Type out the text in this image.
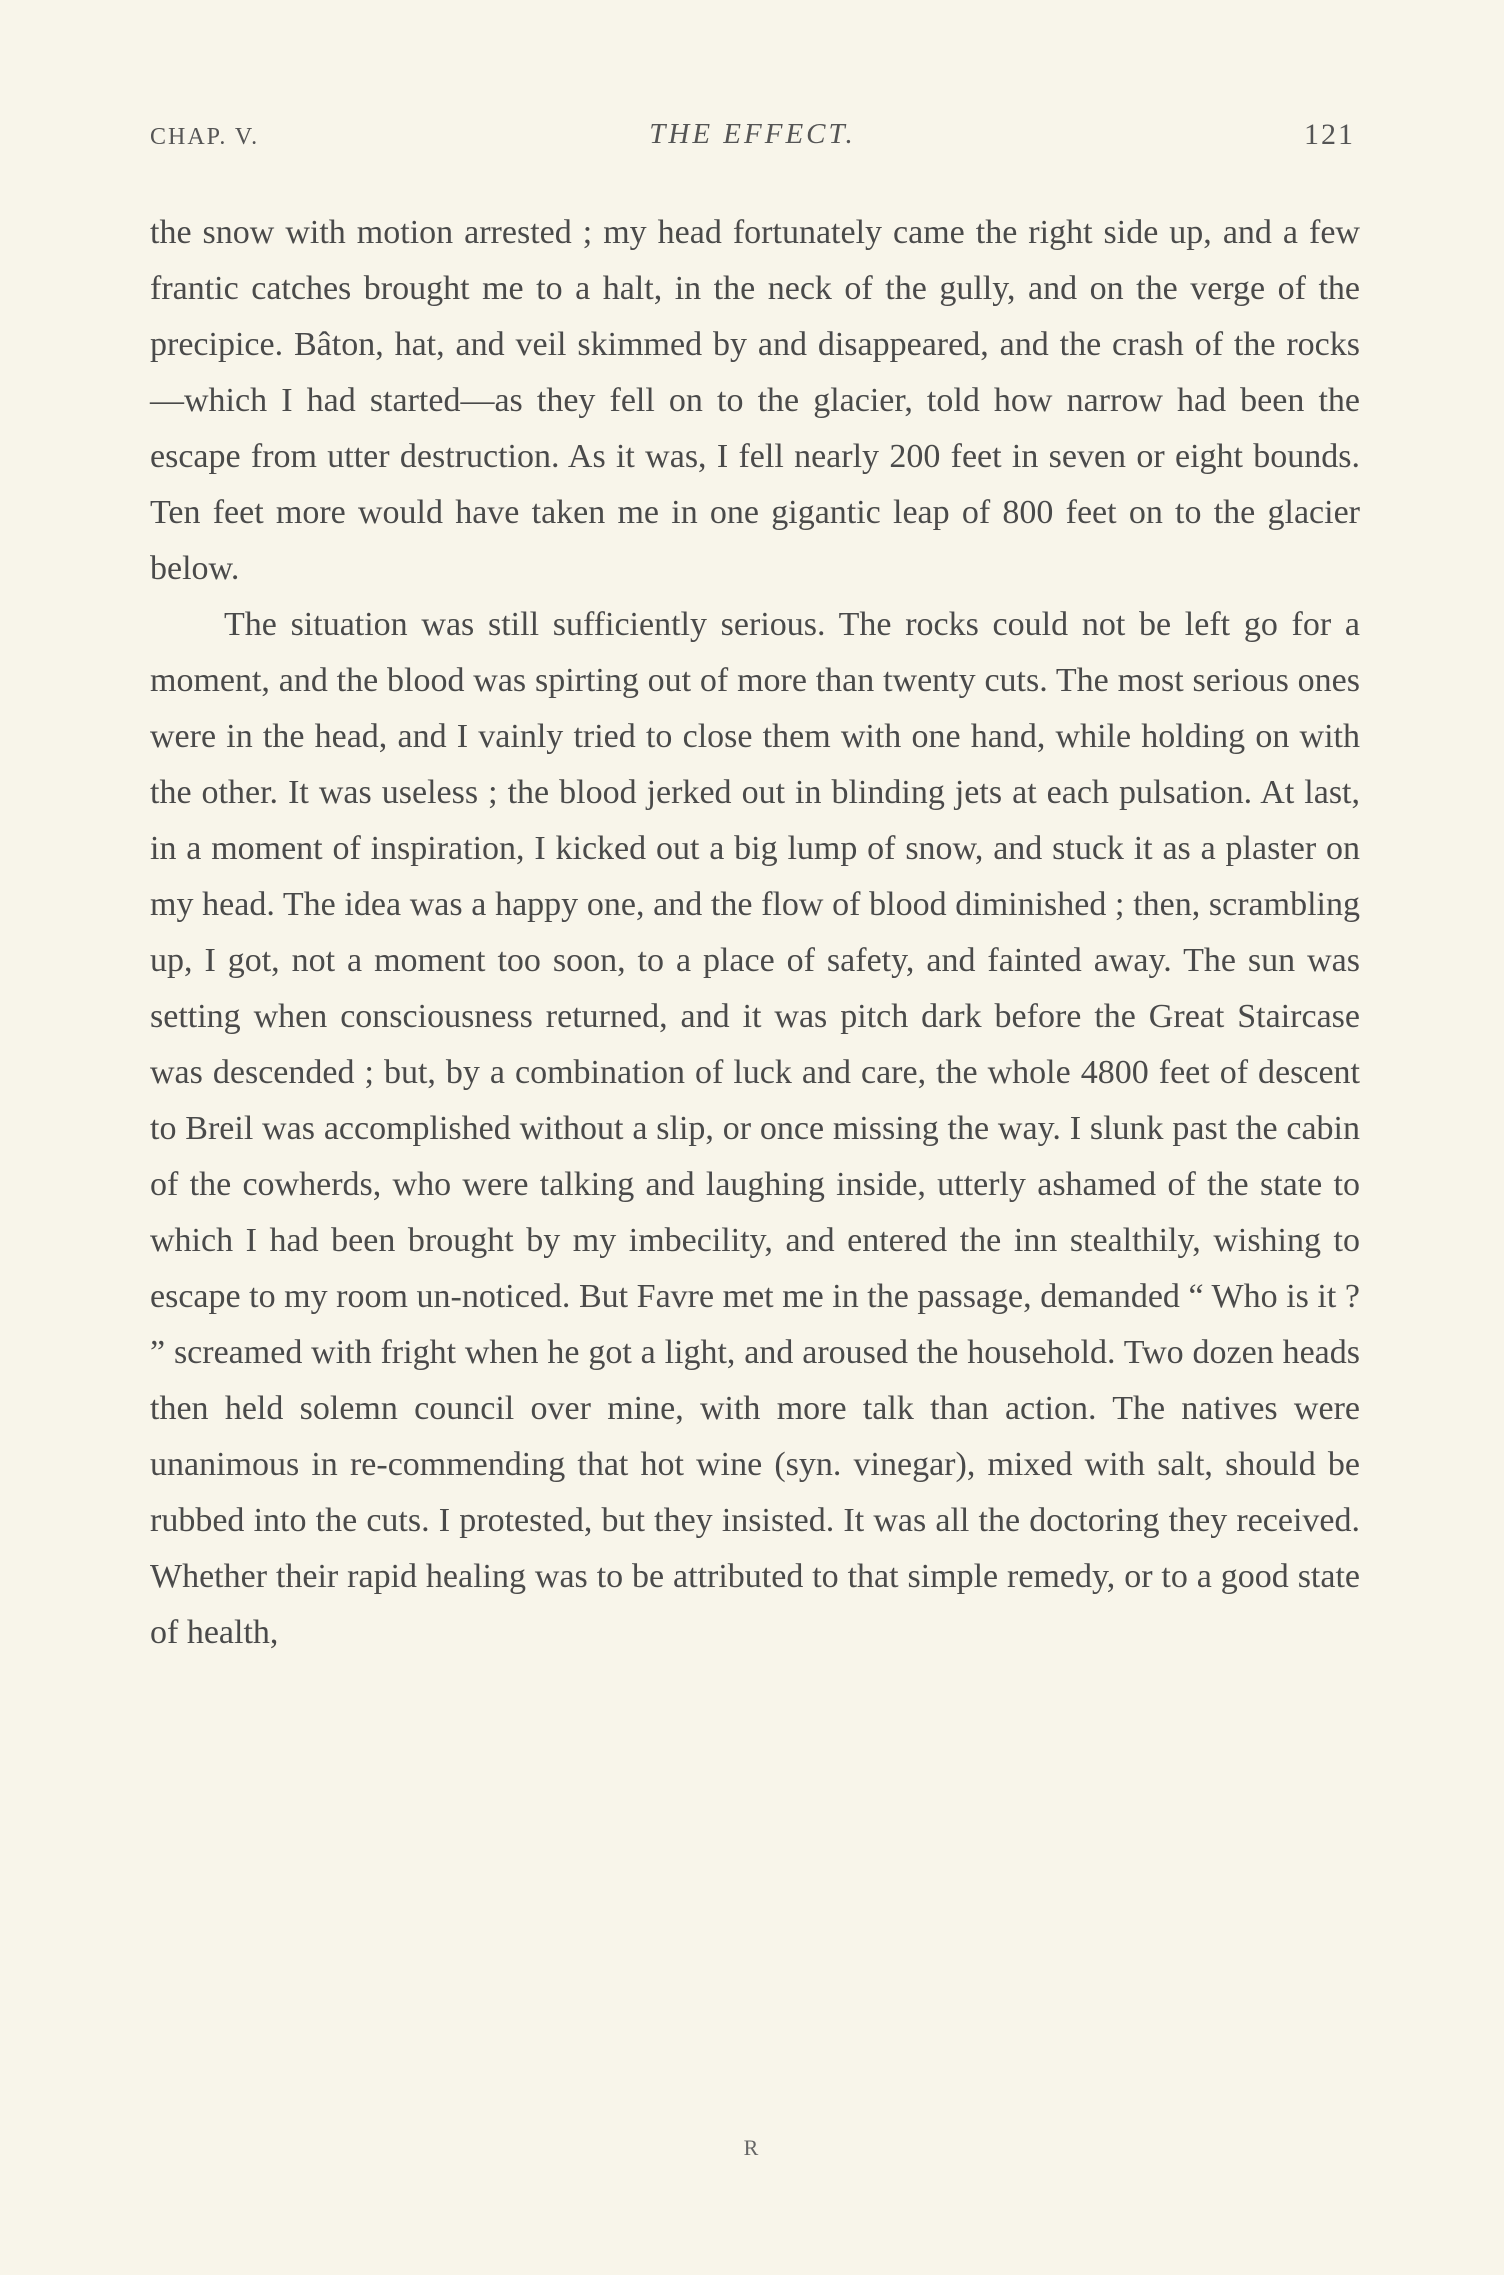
CHAP. V.	THE EFFECT.	121

the snow with motion arrested ; my head fortunately came the right side up, and a few frantic catches brought me to a halt, in the neck of the gully, and on the verge of the precipice. Bâton, hat, and veil skimmed by and disappeared, and the crash of the rocks—which I had started—as they fell on to the glacier, told how narrow had been the escape from utter destruction. As it was, I fell nearly 200 feet in seven or eight bounds. Ten feet more would have taken me in one gigantic leap of 800 feet on to the glacier below.

The situation was still sufficiently serious. The rocks could not be left go for a moment, and the blood was spirting out of more than twenty cuts. The most serious ones were in the head, and I vainly tried to close them with one hand, while holding on with the other. It was useless ; the blood jerked out in blinding jets at each pulsation. At last, in a moment of inspiration, I kicked out a big lump of snow, and stuck it as a plaster on my head. The idea was a happy one, and the flow of blood diminished ; then, scrambling up, I got, not a moment too soon, to a place of safety, and fainted away. The sun was setting when consciousness returned, and it was pitch dark before the Great Staircase was descended ; but, by a combination of luck and care, the whole 4800 feet of descent to Breil was accomplished without a slip, or once missing the way. I slunk past the cabin of the cowherds, who were talking and laughing inside, utterly ashamed of the state to which I had been brought by my imbecility, and entered the inn stealthily, wishing to escape to my room un-noticed. But Favre met me in the passage, demanded “ Who is it ? ” screamed with fright when he got a light, and aroused the household. Two dozen heads then held solemn council over mine, with more talk than action. The natives were unanimous in re-commending that hot wine (syn. vinegar), mixed with salt, should be rubbed into the cuts. I protested, but they insisted. It was all the doctoring they received. Whether their rapid healing was to be attributed to that simple remedy, or to a good state of health,

R
